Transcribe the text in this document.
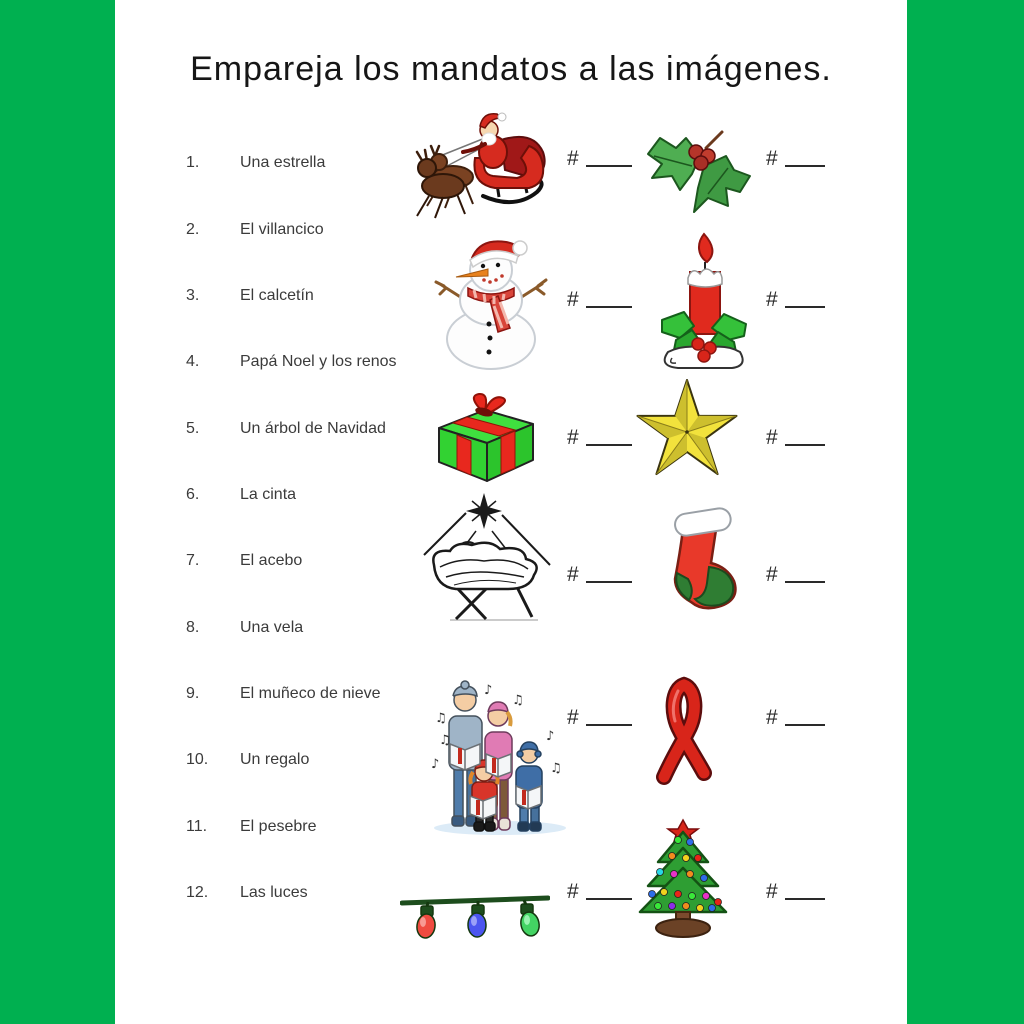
Empareja los mandatos a las imágenes.
1.	Una estrella
2.	El villancico
3.	El calcetín
4.	Papá Noel y los renos
5.	Un árbol de Navidad
6.	La cinta
7.	El acebo
8.	Una vela
9.	El muñeco de nieve
10. Un regalo
11. El pesebre
12. Las luces
#	#
#	#
#	#
#	#
♪
♫
♪
♫
♪
♫
♫	#	#
#	#
